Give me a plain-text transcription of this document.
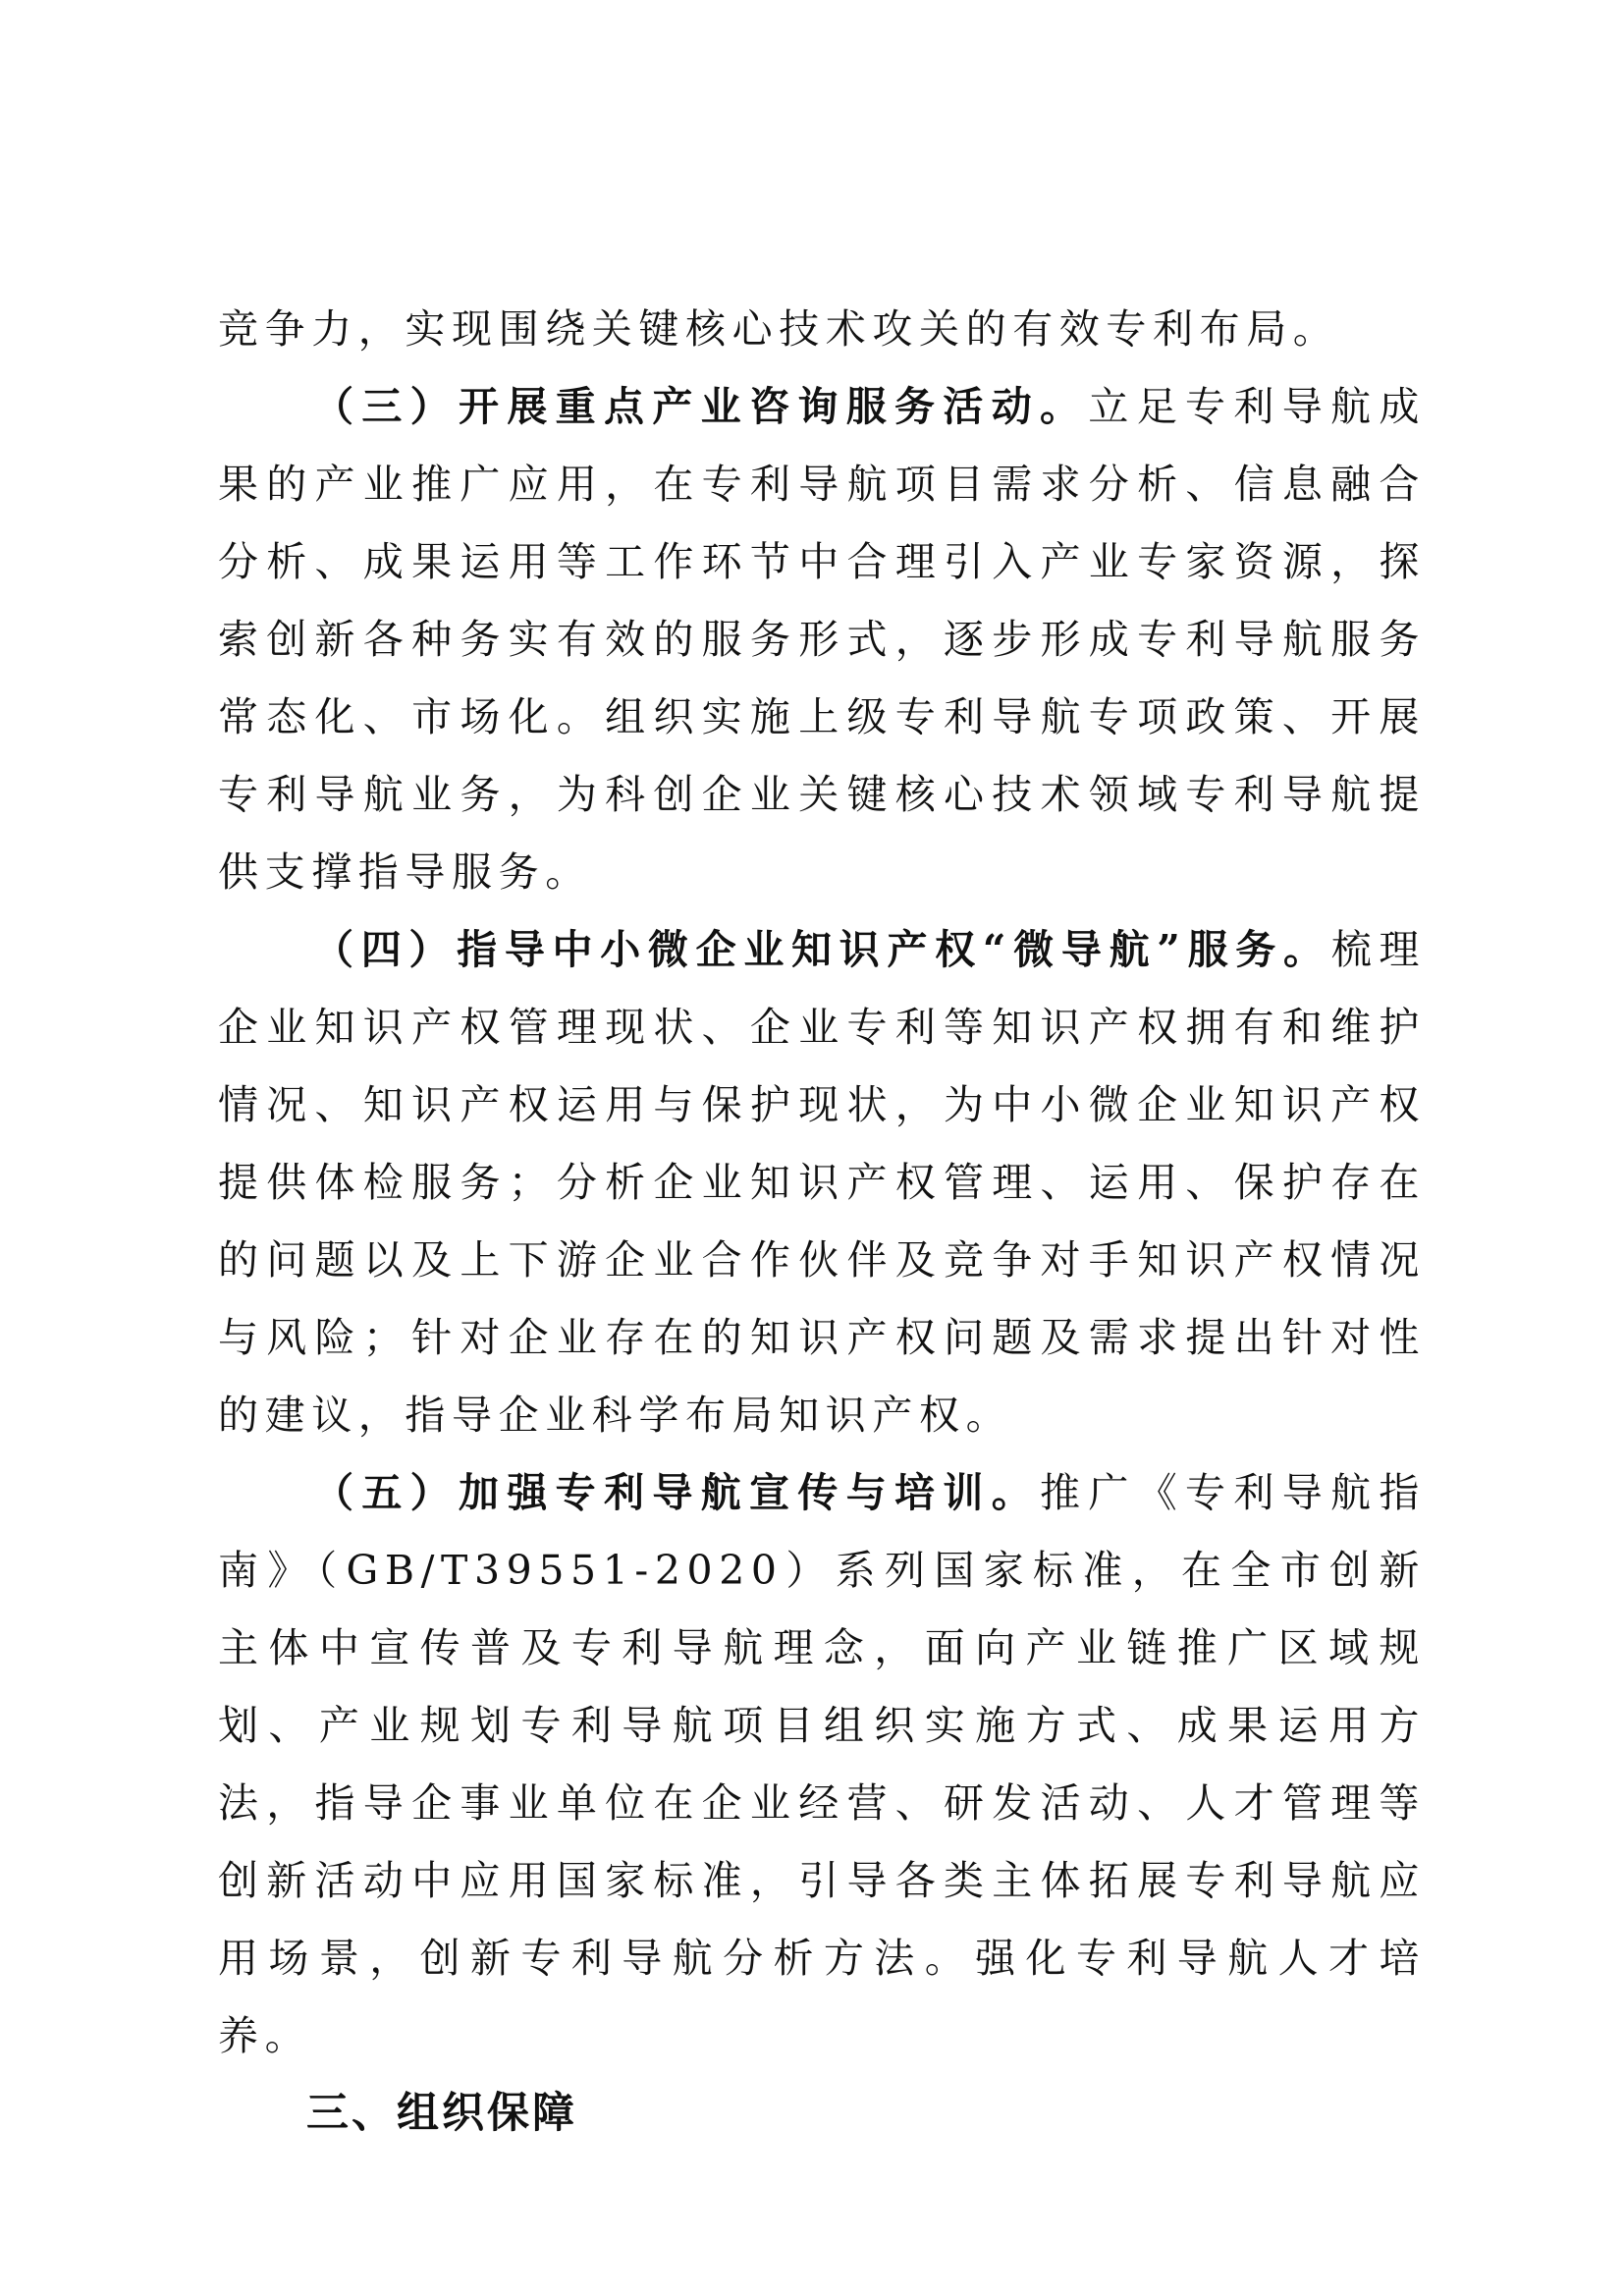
竞争力，实现围绕关键核心技术攻关的有效专利布局。

（三）开展重点产业咨询服务活动。立足专利导航成果的产业推广应用，在专利导航项目需求分析、信息融合分析、成果运用等工作环节中合理引入产业专家资源，探索创新各种务实有效的服务形式，逐步形成专利导航服务常态化、市场化。组织实施上级专利导航专项政策、开展专利导航业务，为科创企业关键核心技术领域专利导航提供支撑指导服务。

（四）指导中小微企业知识产权“微导航”服务。梳理企业知识产权管理现状、企业专利等知识产权拥有和维护情况、知识产权运用与保护现状，为中小微企业知识产权提供体检服务；分析企业知识产权管理、运用、保护存在的问题以及上下游企业合作伙伴及竞争对手知识产权情况与风险；针对企业存在的知识产权问题及需求提出针对性的建议，指导企业科学布局知识产权。

（五）加强专利导航宣传与培训。推广《专利导航指南》（GB/T39551-2020）系列国家标准，在全市创新主体中宣传普及专利导航理念，面向产业链推广区域规划、产业规划专利导航项目组织实施方式、成果运用方法，指导企事业单位在企业经营、研发活动、人才管理等创新活动中应用国家标准，引导各类主体拓展专利导航应用场景，创新专利导航分析方法。强化专利导航人才培养。

三、组织保障
